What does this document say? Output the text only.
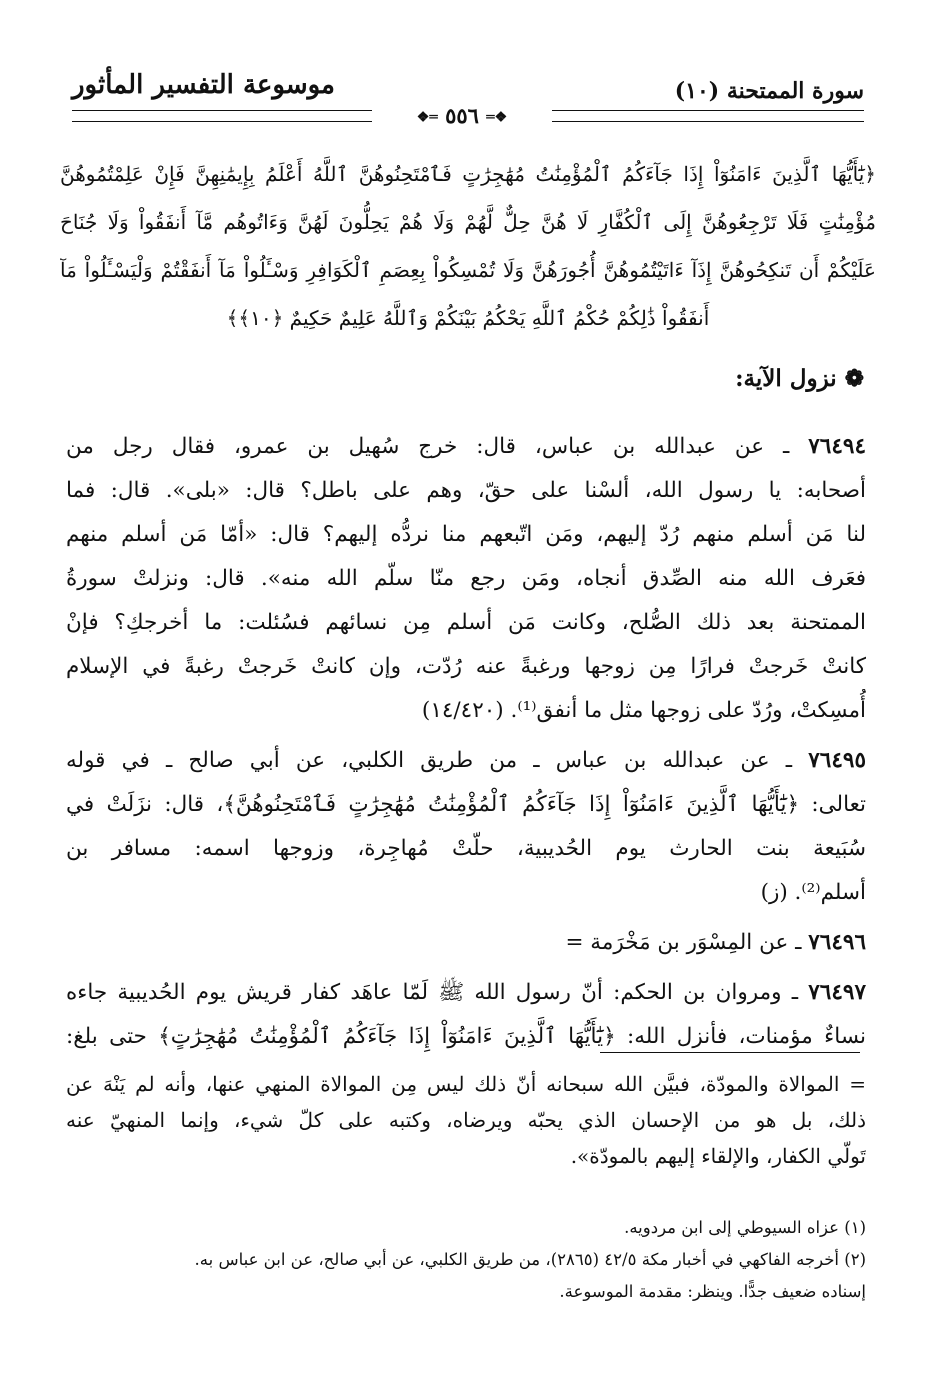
موسوعة التفسير المأثور	سورة الممتحنة (١٠)
❖═ ٥٥٦ ═❖
﴿يَٰٓأَيُّهَا ٱلَّذِينَ ءَامَنُوٓاْ إِذَا جَآءَكُمُ ٱلْمُؤْمِنَٰتُ مُهَٰجِرَٰتٍ فَٱمْتَحِنُوهُنَّ ٱللَّهُ أَعْلَمُ بِإِيمَٰنِهِنَّ فَإِنْ عَلِمْتُمُوهُنَّ
مُؤْمِنَٰتٍ فَلَا تَرْجِعُوهُنَّ إِلَى ٱلْكُفَّارِ لَا هُنَّ حِلٌّ لَّهُمْ وَلَا هُمْ يَحِلُّونَ لَهُنَّ وَءَاتُوهُم مَّآ أَنفَقُواْ وَلَا جُنَاحَ
عَلَيْكُمْ أَن تَنكِحُوهُنَّ إِذَآ ءَاتَيْتُمُوهُنَّ أُجُورَهُنَّ وَلَا تُمْسِكُواْ بِعِصَمِ ٱلْكَوَافِرِ وَسْـَٔلُواْ مَآ أَنفَقْتُمْ وَلْيَسْـَٔلُواْ مَآ
أَنفَقُواْ ذَٰلِكُمْ حُكْمُ ٱللَّهِ يَحْكُمُ بَيْنَكُمْ وَٱللَّهُ عَلِيمٌ حَكِيمٌ ﴿١٠﴾﴾
❁ نزول الآية:
٧٦٤٩٤ ـ عن عبدالله بن عباس، قال: خرج سُهيل بن عمرو، فقال رجل من
أصحابه: يا رسول الله، ألسْنا على حقّ، وهم على باطل؟ قال: «بلى». قال: فما
لنا مَن أسلم منهم رُدّ إليهم، ومَن اتّبعهم منا نردُّه إليهم؟ قال: «أمّا مَن أسلم منهم
فعَرف الله منه الصِّدق أنجاه، ومَن رجع منّا سلّم الله منه». قال: ونزلتْ سورةُ
الممتحنة بعد ذلك الصُّلح، وكانت مَن أسلم مِن نسائهم فسُئلت: ما أخرجكِ؟ فإنْ
كانتْ خَرجتْ فرارًا مِن زوجها ورغبةً عنه رُدّت، وإن كانتْ خَرجتْ رغبةً في الإسلام
أُمسِكتْ، ورُدّ على زوجها مثل ما أنفق⁽¹⁾. (١٤/٤٢٠)
٧٦٤٩٥ ـ عن عبدالله بن عباس ـ من طريق الكلبي، عن أبي صالح ـ في قوله
تعالى: ﴿يَٰٓأَيُّهَا ٱلَّذِينَ ءَامَنُوٓاْ إِذَا جَآءَكُمُ ٱلْمُؤْمِنَٰتُ مُهَٰجِرَٰتٍ فَٱمْتَحِنُوهُنَّ﴾، قال: نزَلَتْ في
سُبَيعة بنت الحارث يوم الحُديبية، حلّتْ مُهاجِرة، وزوجها اسمه: مسافر بن
أسلم⁽²⁾. (ز)
٧٦٤٩٦ ـ عن المِسْوَر بن مَخْرَمة =
٧٦٤٩٧ ـ ومروان بن الحكم: أنّ رسول الله ﷺ لَمّا عاهَد كفار قريش يوم الحُديبية جاءه
نساءٌ مؤمنات، فأنزل الله: ﴿يَٰٓأَيُّهَا ٱلَّذِينَ ءَامَنُوٓاْ إِذَا جَآءَكُمُ ٱلْمُؤْمِنَٰتُ مُهَٰجِرَٰتٍ﴾ حتى بلغ:
= الموالاة والمودّة، فبيَّن الله سبحانه أنّ ذلك ليس مِن الموالاة المنهي عنها، وأنه لم يَنْهَ عن
ذلك، بل هو من الإحسان الذي يحبّه ويرضاه، وكتبه على كلّ شيء، وإنما المنهيّ عنه
تَولّي الكفار، والإلقاء إليهم بالمودّة».
(١) عزاه السيوطي إلى ابن مردويه.
(٢) أخرجه الفاكهي في أخبار مكة ٤٢/٥ (٢٨٦٥)، من طريق الكلبي، عن أبي صالح، عن ابن عباس به.
إسناده ضعيف جدًّا. وينظر: مقدمة الموسوعة.
